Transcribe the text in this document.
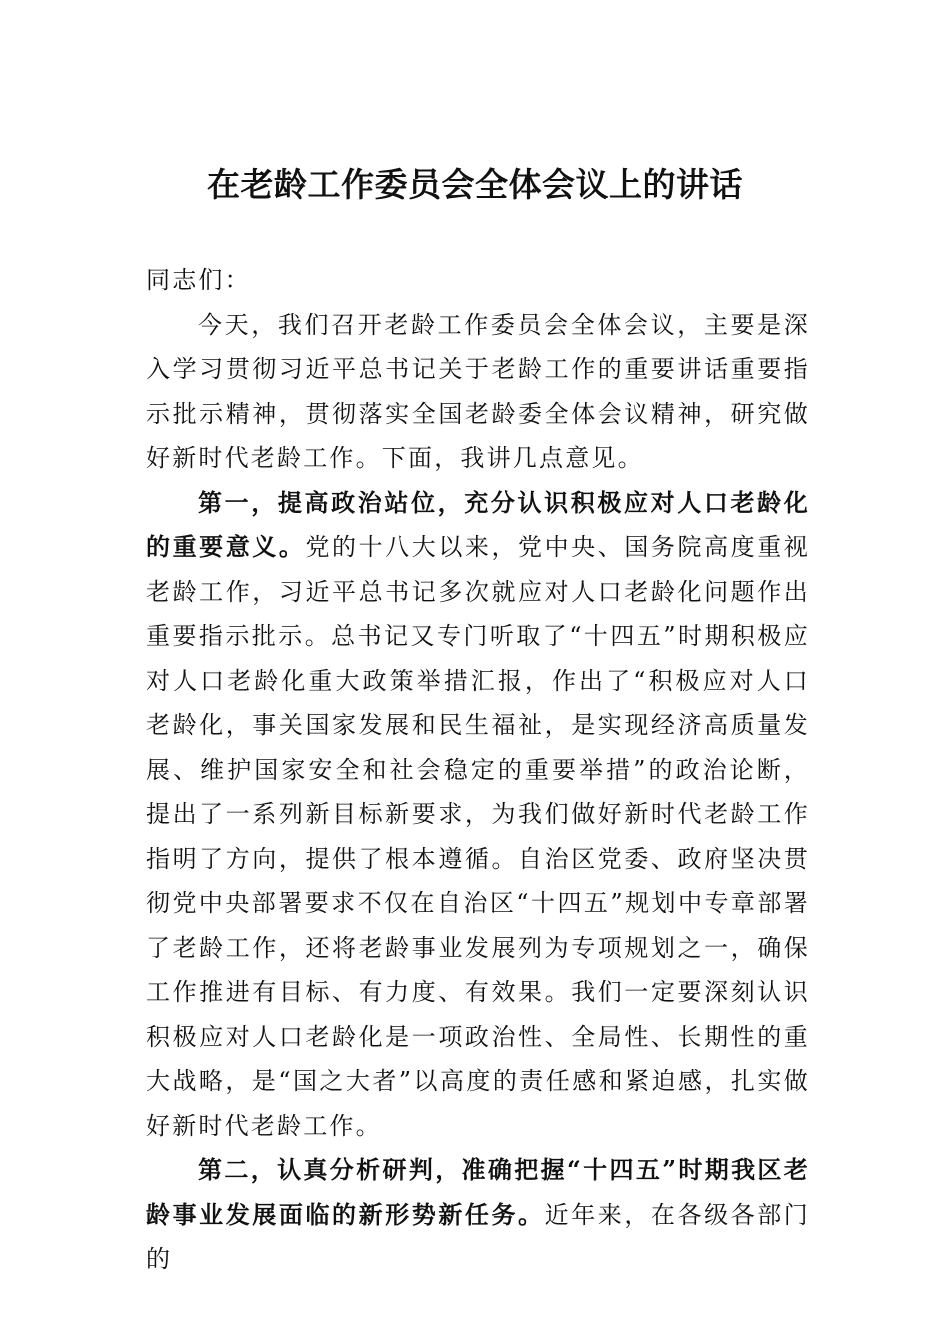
在老龄工作委员会全体会议上的讲话

同志们：

今天，我们召开老龄工作委员会全体会议，主要是深入学习贯彻习近平总书记关于老龄工作的重要讲话重要指示批示精神，贯彻落实全国老龄委全体会议精神，研究做好新时代老龄工作。下面，我讲几点意见。

第一，提高政治站位，充分认识积极应对人口老龄化的重要意义。党的十八大以来，党中央、国务院高度重视老龄工作，习近平总书记多次就应对人口老龄化问题作出重要指示批示。总书记又专门听取了“十四五”时期积极应对人口老龄化重大政策举措汇报，作出了“积极应对人口老龄化，事关国家发展和民生福祉，是实现经济高质量发展、维护国家安全和社会稳定的重要举措”的政治论断，提出了一系列新目标新要求，为我们做好新时代老龄工作指明了方向，提供了根本遵循。自治区党委、政府坚决贯彻党中央部署要求不仅在自治区“十四五”规划中专章部署了老龄工作，还将老龄事业发展列为专项规划之一，确保工作推进有目标、有力度、有效果。我们一定要深刻认识积极应对人口老龄化是一项政治性、全局性、长期性的重大战略，是“国之大者”以高度的责任感和紧迫感，扎实做好新时代老龄工作。

第二，认真分析研判，准确把握“十四五”时期我区老龄事业发展面临的新形势新任务。近年来，在各级各部门的
